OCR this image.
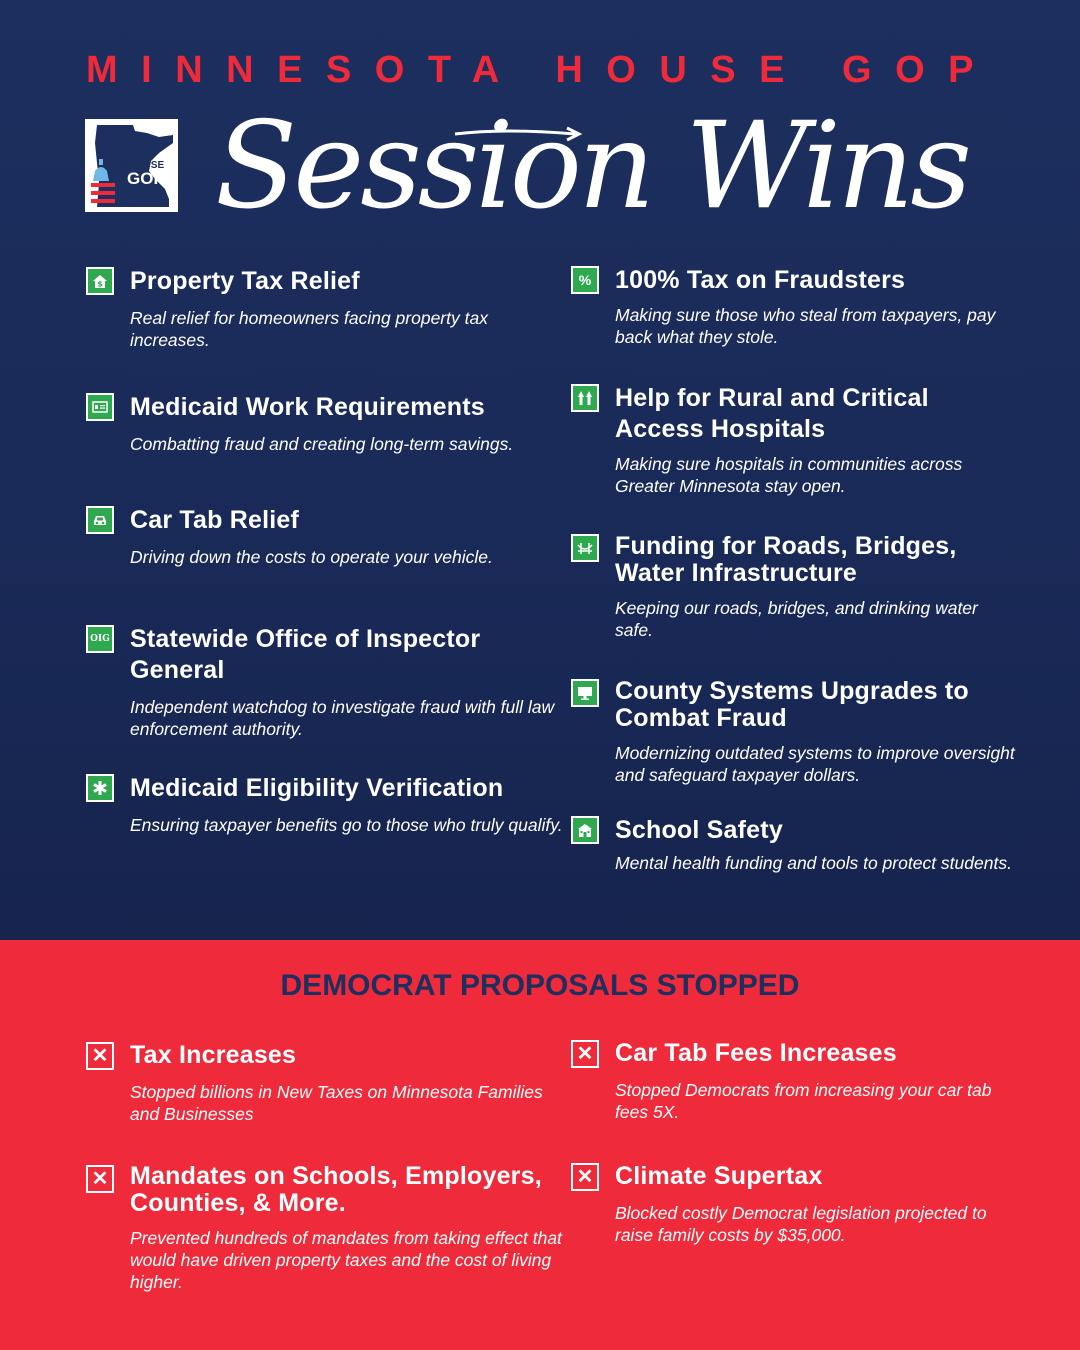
MINNESOTA HOUSE GOP
MNHOUSE
GOP Session Wins
$ Property Tax Relief
Real relief for homeowners facing property tax increases.
Medicaid Work Requirements
Combatting fraud and creating long-term savings.
Car Tab Relief
Driving down the costs to operate your vehicle.
OIG Statewide Office of Inspector General
Independent watchdog to investigate fraud with full law enforcement authority.
Medicaid Eligibility Verification
Ensuring taxpayer benefits go to those who truly qualify.
% 100% Tax on Fraudsters
Making sure those who steal from taxpayers, pay back what they stole.
Help for Rural and Critical Access Hospitals
Making sure hospitals in communities across Greater Minnesota stay open.
Funding for Roads, Bridges, Water Infrastructure
Keeping our roads, bridges, and drinking water safe.
County Systems Upgrades to Combat Fraud
Modernizing outdated systems to improve oversight and safeguard taxpayer dollars.
School Safety
Mental health funding and tools to protect students.
DEMOCRAT PROPOSALS STOPPED
✕ Tax Increases
Stopped billions in New Taxes on Minnesota Families and Businesses
✕ Mandates on Schools, Employers, Counties, & More.
Prevented hundreds of mandates from taking effect that would have driven property taxes and the cost of living higher.
✕ Car Tab Fees Increases
Stopped Democrats from increasing your car tab fees 5X.
✕ Climate Supertax
Blocked costly Democrat legislation projected to raise family costs by $35,000.
